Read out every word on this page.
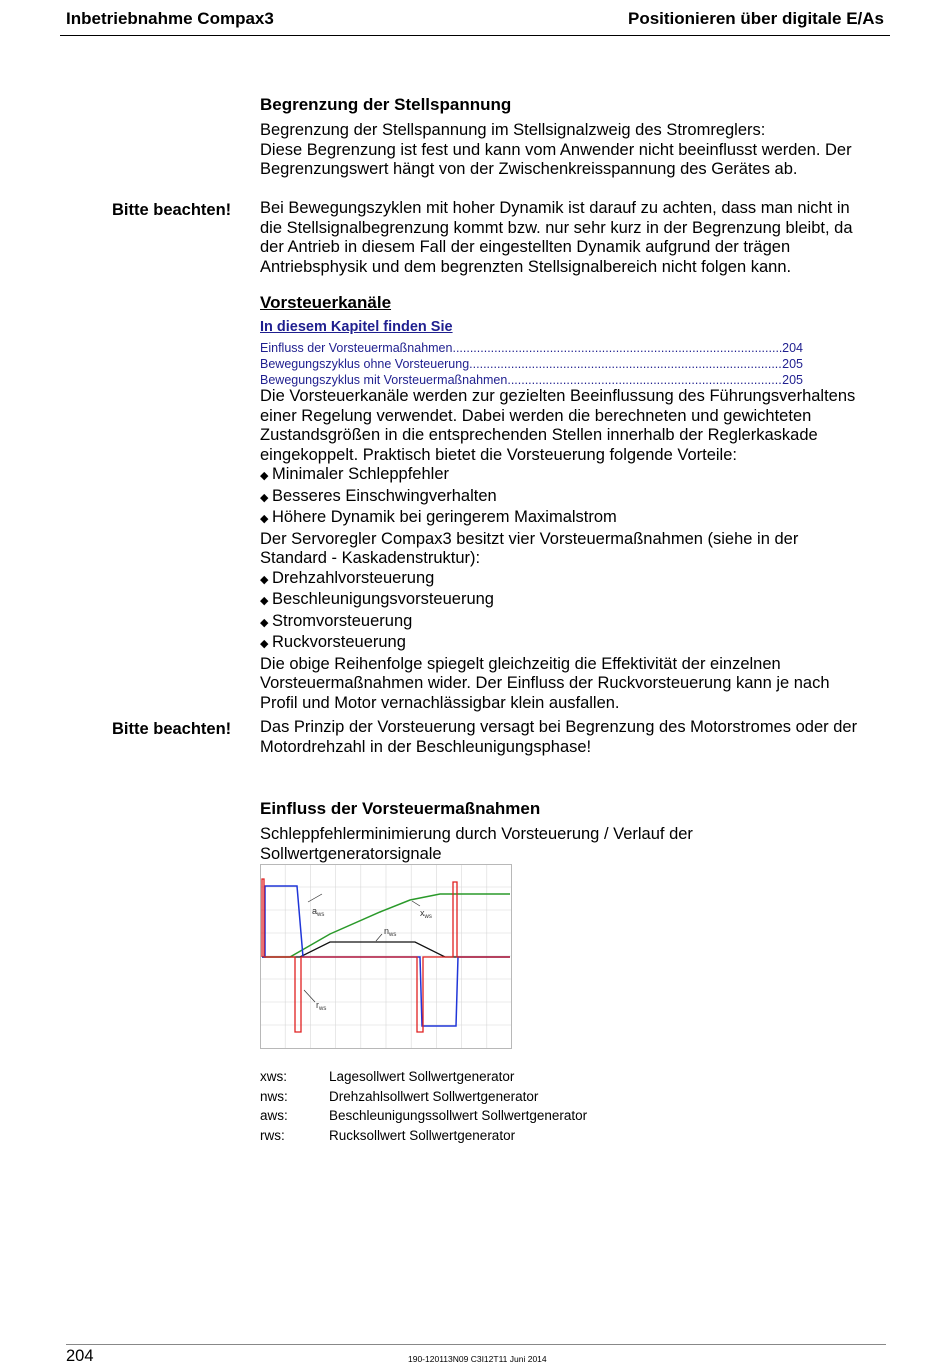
Inbetriebnahme Compax3	Positionieren über digitale E/As
Begrenzung der Stellspannung
Begrenzung der Stellspannung im Stellsignalzweig des Stromreglers:
Diese Begrenzung ist fest und kann vom Anwender nicht beeinflusst werden. Der
Begrenzungswert hängt von der Zwischenkreisspannung des Gerätes ab.
Bitte beachten!	Bei Bewegungszyklen mit hoher Dynamik ist darauf zu achten, dass man nicht in
die Stellsignalbegrenzung kommt bzw. nur sehr kurz in der Begrenzung bleibt, da
der Antrieb in diesem Fall der eingestellten Dynamik aufgrund der trägen
Antriebsphysik und dem begrenzten Stellsignalbereich nicht folgen kann.
Vorsteuerkanäle
In diesem Kapitel finden Sie
Einfluss der Vorsteuermaßnahmen .....	204
Bewegungszyklus ohne Vorsteuerung .....	205
Bewegungszyklus mit Vorsteuermaßnahmen .....	205
Die Vorsteuerkanäle werden zur gezielten Beeinflussung des Führungsverhaltens
einer Regelung verwendet. Dabei werden die berechneten und gewichteten
Zustandsgrößen in die entsprechenden Stellen innerhalb der Reglerkaskade
eingekoppelt. Praktisch bietet die Vorsteuerung folgende Vorteile:
◆ Minimaler Schleppfehler
◆ Besseres Einschwingverhalten
◆ Höhere Dynamik bei geringerem Maximalstrom
Der Servoregler Compax3 besitzt vier Vorsteuermaßnahmen (siehe in der
Standard - Kaskadenstruktur):
◆ Drehzahlvorsteuerung
◆ Beschleunigungsvorsteuerung
◆ Stromvorsteuerung
◆ Ruckvorsteuerung
Die obige Reihenfolge spiegelt gleichzeitig die Effektivität der einzelnen
Vorsteuermaßnahmen wider. Der Einfluss der Ruckvorsteuerung kann je nach
Profil und Motor vernachlässigbar klein ausfallen.
Bitte beachten!	Das Prinzip der Vorsteuerung versagt bei Begrenzung des Motorstromes oder der
Motordrehzahl in der Beschleunigungsphase!
Einfluss der Vorsteuermaßnahmen
Schleppfehlerminimierung durch Vorsteuerung / Verlauf der
Sollwertgeneratorsignale
$a_{ws}$	$x_{ws}$
$n_{ws}$
$r_{ws}$
xws:	Lagesollwert Sollwertgenerator
nws:	Drehzahlsollwert Sollwertgenerator
aws:	Beschleunigungssollwert Sollwertgenerator
rws:	Rucksollwert Sollwertgenerator
204	190-120113N09 C3I12T11 Juni 2014
